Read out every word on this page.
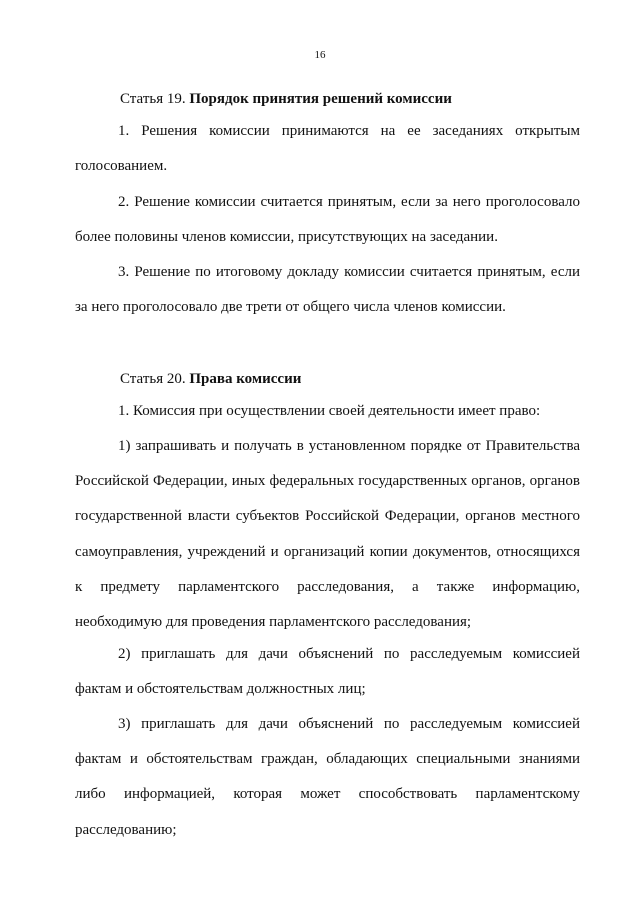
16
Статья 19. Порядок принятия решений комиссии

1. Решения комиссии принимаются на ее заседаниях открытым голосованием.

2. Решение комиссии считается принятым, если за него проголосовало более половины членов комиссии, присутствующих на заседании.

3. Решение по итоговому докладу комиссии считается принятым, если за него проголосовало две трети от общего числа членов комиссии.

Статья 20. Права комиссии

1. Комиссия при осуществлении своей деятельности имеет право:

1) запрашивать и получать в установленном порядке от Правительства Российской Федерации, иных федеральных государственных органов, органов государственной власти субъектов Российской Федерации, органов местного самоуправления, учреждений и организаций копии документов, относящихся к предмету парламентского расследования, а также информацию, необходимую для проведения парламентского расследования;

2) приглашать для дачи объяснений по расследуемым комиссией фактам и обстоятельствам должностных лиц;

3) приглашать для дачи объяснений по расследуемым комиссией фактам и обстоятельствам граждан, обладающих специальными знаниями либо информацией, которая может способствовать парламентскому расследованию;
